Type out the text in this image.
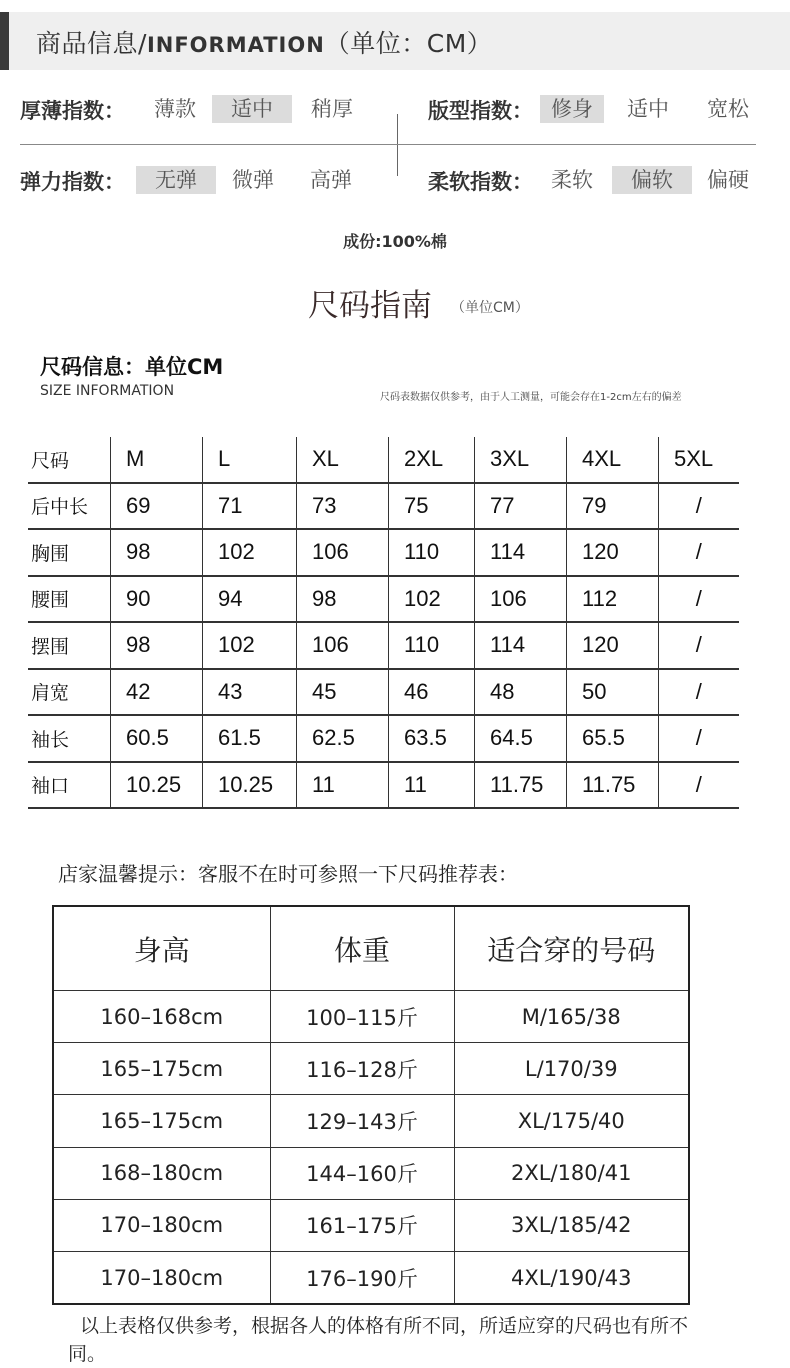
商品信息/INFORMATION（单位：CM）
厚薄指数：	薄款	适中	稍厚	版型指数： 修身	适中	宽松
弹力指数：	无弹	微弹	高弹	柔软指数： 柔软	偏软	偏硬
成份:100%棉
尺码指南 （单位CM）
尺码信息：单位CM
SIZE INFORMATION	尺码表数据仅供参考，由于人工测量，可能会存在1-2cm左右的偏差
尺码	M	L	XL	2XL	3XL	4XL	5XL
后中长	69	71	73	75	77	79	/
胸围	98	102	106	110	114	120	/
腰围	90	94	98	102	106	112	/
摆围	98	102	106	110	114	120	/
肩宽	42	43	45	46	48	50	/
袖长	60.5	61.5	62.5	63.5	64.5	65.5	/
袖口	10.25	10.25	11	11	11.75	11.75	/
店家温馨提示：客服不在时可参照一下尺码推荐表：
身高	体重	适合穿的号码
160–168cm	100–115斤	M/165/38
165–175cm	116–128斤	L/170/39
165–175cm	129–143斤	XL/175/40
168–180cm	144–160斤	2XL/180/41
170–180cm	161–175斤	3XL/185/42
170–180cm	176–190斤	4XL/190/43
以上表格仅供参考，根据各人的体格有所不同，所适应穿的尺码也有所不同。
